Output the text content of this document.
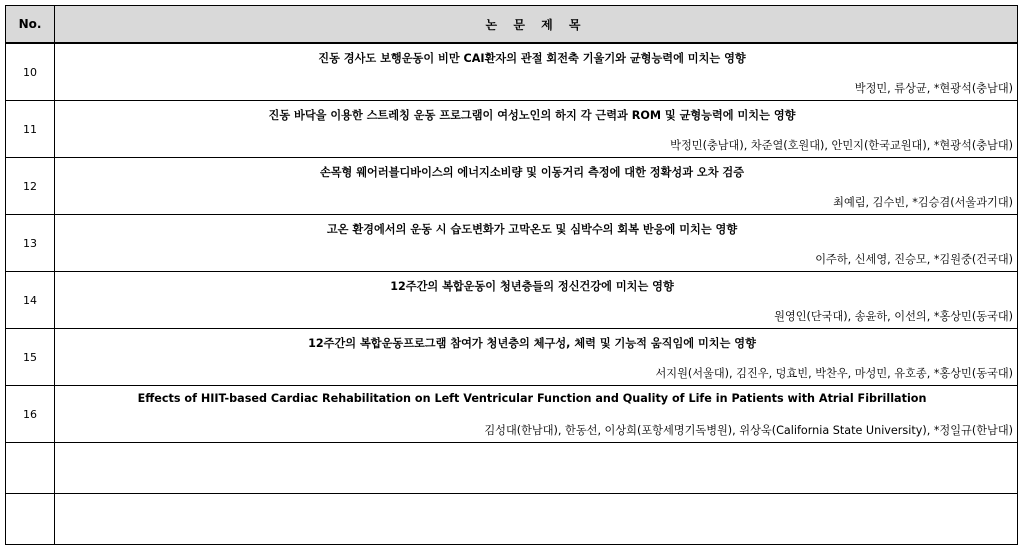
No.	논 문 제 목
10	진동 경사도 보행운동이 비만 CAI환자의 관절 회전축 기울기와 균형능력에 미치는 영향
박정민, 류상균, *현광석(충남대)

11	진동 바닥을 이용한 스트레칭 운동 프로그램이 여성노인의 하지 각 근력과 ROM 및 균형능력에 미치는 영향
박정민(충남대), 차준열(호원대), 안민지(한국교원대), *현광석(충남대)

12	손목형 웨어러블디바이스의 에너지소비량 및 이동거리 측정에 대한 정확성과 오차 검증
최예림, 김수빈, *김승겸(서울과기대)

13	고온 환경에서의 운동 시 습도변화가 고막온도 및 심박수의 회복 반응에 미치는 영향
이주하, 신세영, 진승모, *김원중(건국대)

14	12주간의 복합운동이 청년층들의 정신건강에 미치는 영향
원영인(단국대), 송윤하, 이선의, *홍상민(동국대)

15	12주간의 복합운동프로그램 참여가 청년층의 체구성, 체력 및 기능적 움직임에 미치는 영향
서지원(서울대), 김진우, 덩효빈, 박찬우, 마성민, 유호종, *홍상민(동국대)

16	Effects of HIIT-based Cardiac Rehabilitation on Left Ventricular Function and Quality of Life in Patients with Atrial Fibrillation
김성대(한남대), 한동선, 이상희(포항세명기독병원), 위상욱(California State University), *정일규(한남대)
